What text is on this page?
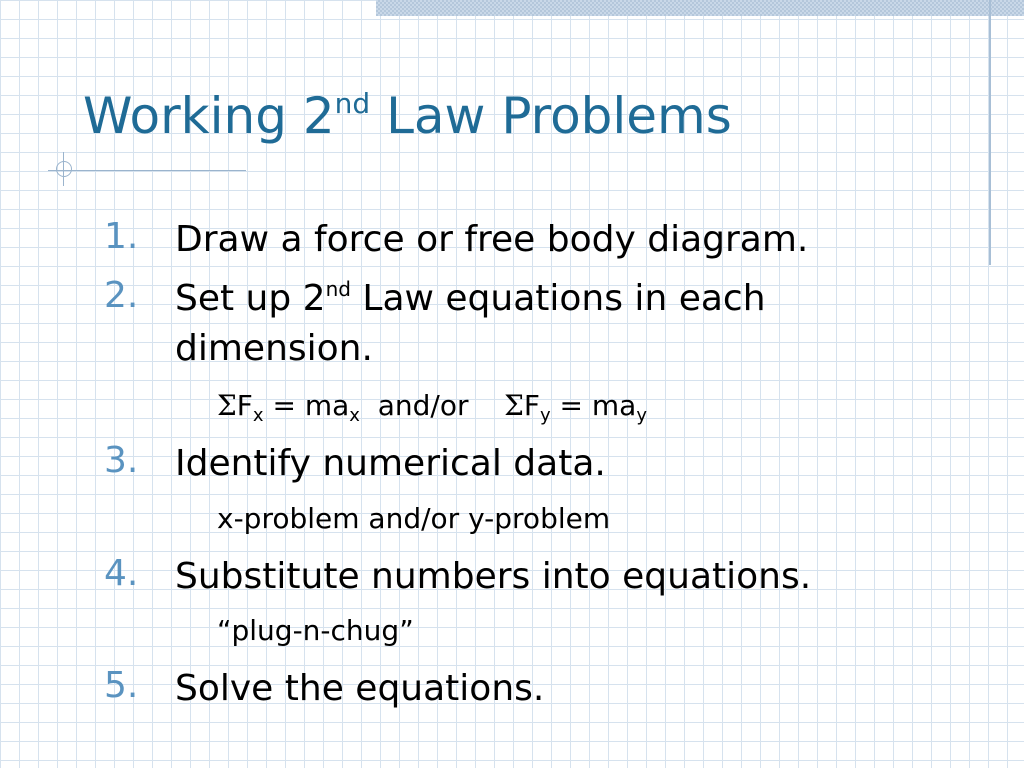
Working 2nd Law Problems
1. Draw a force or free body diagram.
2. Set up 2nd Law equations in each
dimension.
$\Sigma F_x = ma_x$  and/or    $\Sigma F_y = ma_y$
3. Identify numerical data.
x-problem and/or y-problem
4. Substitute numbers into equations.
“plug-n-chug”
5. Solve the equations.
